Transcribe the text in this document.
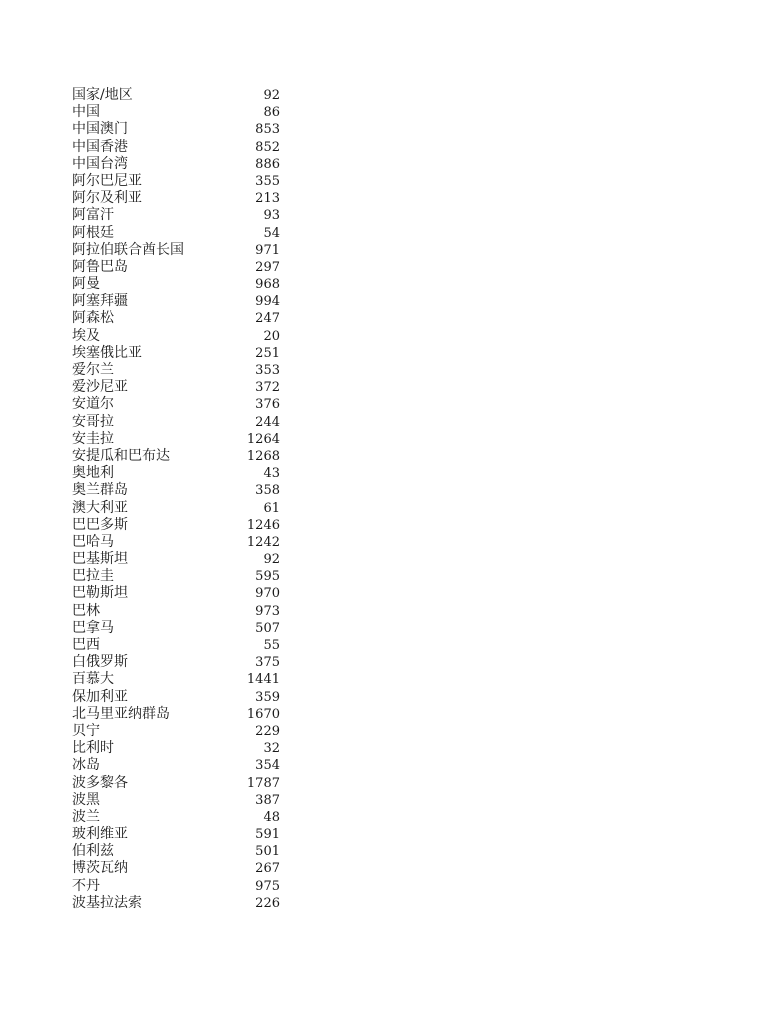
国家/地区	92
中国	86
中国澳门	853
中国香港	852
中国台湾	886
阿尔巴尼亚	355
阿尔及利亚	213
阿富汗	93
阿根廷	54
阿拉伯联合酋长国	971
阿鲁巴岛	297
阿曼	968
阿塞拜疆	994
阿森松	247
埃及	20
埃塞俄比亚	251
爱尔兰	353
爱沙尼亚	372
安道尔	376
安哥拉	244
安圭拉	1264
安提瓜和巴布达	1268
奥地利	43
奥兰群岛	358
澳大利亚	61
巴巴多斯	1246
巴哈马	1242
巴基斯坦	92
巴拉圭	595
巴勒斯坦	970
巴林	973
巴拿马	507
巴西	55
白俄罗斯	375
百慕大	1441
保加利亚	359
北马里亚纳群岛	1670
贝宁	229
比利时	32
冰岛	354
波多黎各	1787
波黑	387
波兰	48
玻利维亚	591
伯利兹	501
博茨瓦纳	267
不丹	975
波基拉法索	226
